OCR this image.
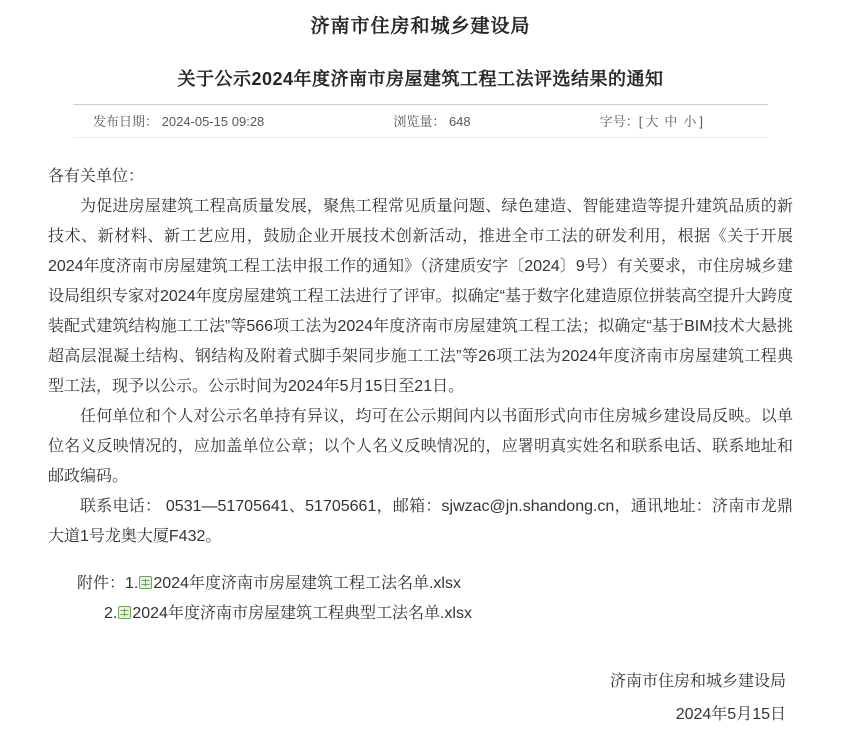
济南市住房和城乡建设局
关于公示2024年度济南市房屋建筑工程工法评选结果的通知
发布日期： 2024-05-15 09:28	浏览量： 648	字号：[ 大 中 小 ]

各有关单位：

为促进房屋建筑工程高质量发展，聚焦工程常见质量问题、绿色建造、智能建造等提升建筑品质的新技术、新材料、新工艺应用，鼓励企业开展技术创新活动，推进全市工法的研发利用，根据《关于开展2024年度济南市房屋建筑工程工法申报工作的通知》（济建质安字〔2024〕9号）有关要求，市住房城乡建设局组织专家对2024年度房屋建筑工程工法进行了评审。拟确定“基于数字化建造原位拼装高空提升大跨度装配式建筑结构施工工法”等566项工法为2024年度济南市房屋建筑工程工法；拟确定“基于BIM技术大悬挑超高层混凝土结构、钢结构及附着式脚手架同步施工工法”等26项工法为2024年度济南市房屋建筑工程典型工法，现予以公示。公示时间为2024年5月15日至21日。

任何单位和个人对公示名单持有异议，均可在公示期间内以书面形式向市住房城乡建设局反映。以单位名义反映情况的，应加盖单位公章；以个人名义反映情况的，应署明真实姓名和联系电话、联系地址和邮政编码。

联系电话： 0531—51705641、51705661，邮箱：sjwzac@jn.shandong.cn，通讯地址：济南市龙鼎大道1号龙奥大厦F432。

附件：1. 2024年度济南市房屋建筑工程工法名单.xlsx
2. 2024年度济南市房屋建筑工程典型工法名单.xlsx
济南市住房和城乡建设局
2024年5月15日
